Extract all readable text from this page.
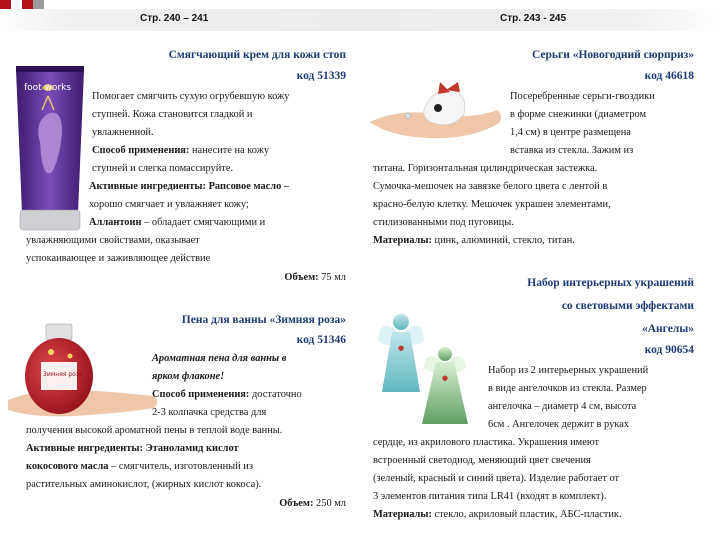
Стр. 240 – 241	Стр. 243 - 245
foot works
Смягчающий крем для кожи стоп
код 51339
Помогает смягчить сухую огрубевшую кожу
ступней. Кожа становится гладкой и
увлажненной.
Способ применения: нанесите на кожу
ступней и слегка помассируйте.
Активные ингредиенты: Рапсовое масло –
хорошо смягчает и увлажняет кожу;
Аллантоин – обладает смягчающими и
увлажняющими свойствами, оказывает
успокаивающее и заживляющее действие
Объем: 75 мл
Пена для ванны «Зимняя роза»
код 51346
Зимняя роза
Ароматная пена для ванны в
ярком флаконе!
Способ применения: достаточно
2-3 колпачка средства для
получения высокой ароматной пены в теплой воде ванны.
Активные ингредиенты: Этаноламид кислот
кокосового масла – смягчитель, изготовленный из
растительных аминокислот, (жирных кислот кокоса).
Объем: 250 мл
Серьги «Новогодний сюрприз»
код 46618
Посеребренные серьги-гвоздики
в форме снежинки (диаметром
1,4 см) в центре размещена
вставка из стекла. Зажим из
титана. Горизонтальная цилиндрическая застежка.
Сумочка-мешочек на завязке белого цвета с лентой в
красно-белую клетку. Мешочек украшен элементами,
стилизованными под пуговицы.
Материалы: цинк, алюминий, стекло, титан.
Набор интерьерных украшений
со световыми эффектами
«Ангелы»
код 90654
Набор из 2 интерьерных украшений
в виде ангелочков из стекла. Размер
ангелочка – диаметр 4 см, высота
6см . Ангелочек держит в руках
сердце, из акрилового пластика. Украшения имеют
встроенный светодиод, меняющий цвет свечения
(зеленый, красный и синий цвета). Изделие работает от
3 элементов питания типа LR41 (входят в комплект).
Материалы: стекло, акриловый пластик, АБС-пластик.
